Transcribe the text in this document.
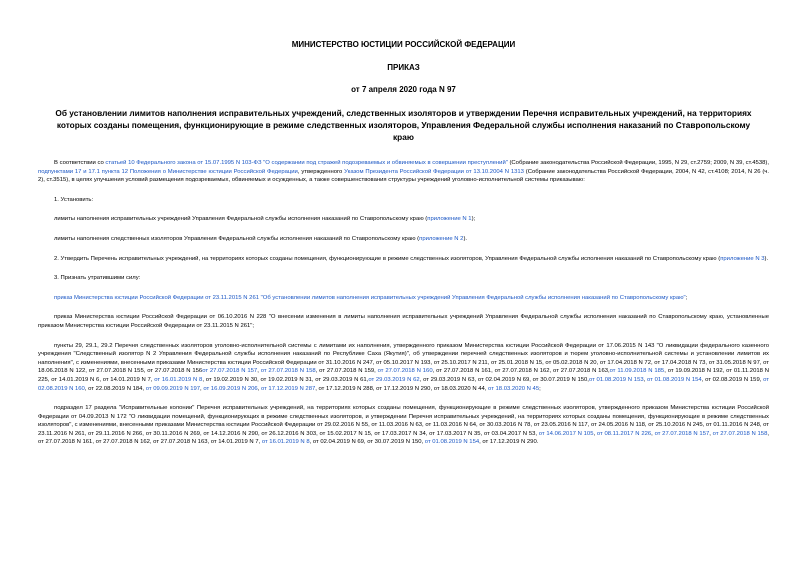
МИНИСТЕРСТВО ЮСТИЦИИ РОССИЙСКОЙ ФЕДЕРАЦИИ
ПРИКАЗ
от 7 апреля 2020 года N 97
Об установлении лимитов наполнения исправительных учреждений, следственных изоляторов и утверждении Перечня исправительных учреждений, на территориях которых созданы помещения, функционирующие в режиме следственных изоляторов, Управления Федеральной службы исполнения наказаний по Ставропольскому краю

В соответствии со статьей 10 Федерального закона от 15.07.1995 N 103-ФЗ "О содержании под стражей подозреваемых и обвиняемых в совершении преступлений" (Собрание законодательства Российской Федерации, 1995, N 29, ст.2759; 2009, N 39, ст.4538), подпунктами 17 и 17.1 пункта 12 Положения о Министерстве юстиции Российской Федерации, утвержденного Указом Президента Российской Федерации от 13.10.2004 N 1313 (Собрание законодательства Российской Федерации, 2004, N 42, ст.4108; 2014, N 26 (ч. 2), ст.3515), в целях улучшения условий размещения подозреваемых, обвиняемых и осужденных, а также совершенствования структуры учреждений уголовно-исполнительной системы приказываю:

1. Установить:

лимиты наполнения исправительных учреждений Управления Федеральной службы исполнения наказаний по Ставропольскому краю (приложение N 1);

лимиты наполнения следственных изоляторов Управления Федеральной службы исполнения наказаний по Ставропольскому краю (приложение N 2).

2. Утвердить Перечень исправительных учреждений, на территориях которых созданы помещения, функционирующие в режиме следственных изоляторов, Управления Федеральной службы исполнения наказаний по Ставропольскому краю (приложение N 3).

3. Признать утратившими силу:

приказ Министерства юстиции Российской Федерации от 23.11.2015 N 261 "Об установлении лимитов наполнения исправительных учреждений Управления Федеральной службы исполнения наказаний по Ставропольскому краю";

приказ Министерства юстиции Российской Федерации от 06.10.2016 N 228 "О внесении изменения в лимиты наполнения исправительных учреждений Управления Федеральной службы исполнения наказаний по Ставропольскому краю, установленные приказом Министерства юстиции Российской Федерации от 23.11.2015 N 261";

пункты 29, 29.1, 29.2 Перечня следственных изоляторов уголовно-исполнительной системы с лимитами их наполнения, утвержденного приказом Министерства юстиции Российской Федерации от 17.06.2015 N 143 "О ликвидации федерального казенного учреждения "Следственный изолятор N 2 Управления Федеральной службы исполнения наказаний по Республике Саха (Якутия)", об утверждении перечней следственных изоляторов и тюрем уголовно-исполнительной системы и установлении лимитов их наполнения", с изменениями, внесенными приказами Министерства юстиции Российской Федерации от 31.10.2016 N 247, от 05.10.2017 N 193, от 25.10.2017 N 211, от 25.01.2018 N 15, от 05.02.2018 N 20, от 17.04.2018 N 72, от 17.04.2018 N 73, от 31.05.2018 N 97, от 18.06.2018 N 122, от 27.07.2018 N 155, от 27.07.2018 N 156от 27.07.2018 N 157, от 27.07.2018 N 158, от 27.07.2018 N 159, от 27.07.2018 N 160, от 27.07.2018 N 161, от 27.07.2018 N 162, от 27.07.2018 N 163,от 11.09.2018 N 185, от 19.09.2018 N 192, от 01.11.2018 N 225, от 14.01.2019 N 6, от 14.01.2019 N 7, от 16.01.2019 N 8, от 19.02.2019 N 30, от 19.02.2019 N 31, от 29.03.2019 N 61,от 29.03.2019 N 62, от 29.03.2019 N 63, от 02.04.2019 N 69, от 30.07.2019 N 150,от 01.08.2019 N 153, от 01.08.2019 N 154, от 02.08.2019 N 159, от 02.08.2019 N 160, от 22.08.2019 N 184, от 09.09.2019 N 197, от 16.09.2019 N 206, от 17.12.2019 N 287, от 17.12.2019 N 288, от 17.12.2019 N 290, от 18.03.2020 N 44, от 18.03.2020 N 45;

подраздел 17 раздела "Исправительные колонии" Перечня исправительных учреждений, на территориях которых созданы помещения, функционирующие в режиме следственных изоляторов, утвержденного приказом Министерства юстиции Российской Федерации от 04.09.2013 N 172 "О ликвидации помещений, функционирующих в режиме следственных изоляторов, и утверждении Перечня исправительных учреждений, на территориях которых созданы помещения, функционирующие в режиме следственных изоляторов", с изменениями, внесенными приказами Министерства юстиции Российской Федерации от 29.02.2016 N 55, от 11.03.2016 N 63, от 11.03.2016 N 64, от 30.03.2016 N 78, от 23.05.2016 N 117, от 24.05.2016 N 118, от 25.10.2016 N 245, от 01.11.2016 N 248, от 23.11.2016 N 261, от 29.11.2016 N 266, от 30.11.2016 N 269, от 14.12.2016 N 290, от 26.12.2016 N 303, от 15.02.2017 N 15, от 17.03.2017 N 34, от 17.03.2017 N 35, от 03.04.2017 N 53, от 14.06.2017 N 105, от 08.11.2017 N 226, от 27.07.2018 N 157, от 27.07.2018 N 158, от 27.07.2018 N 161, от 27.07.2018 N 162, от 27.07.2018 N 163, от 14.01.2019 N 7, от 16.01.2019 N 8, от 02.04.2019 N 69, от 30.07.2019 N 150, от 01.08.2019 N 154, от 17.12.2019 N 290.
